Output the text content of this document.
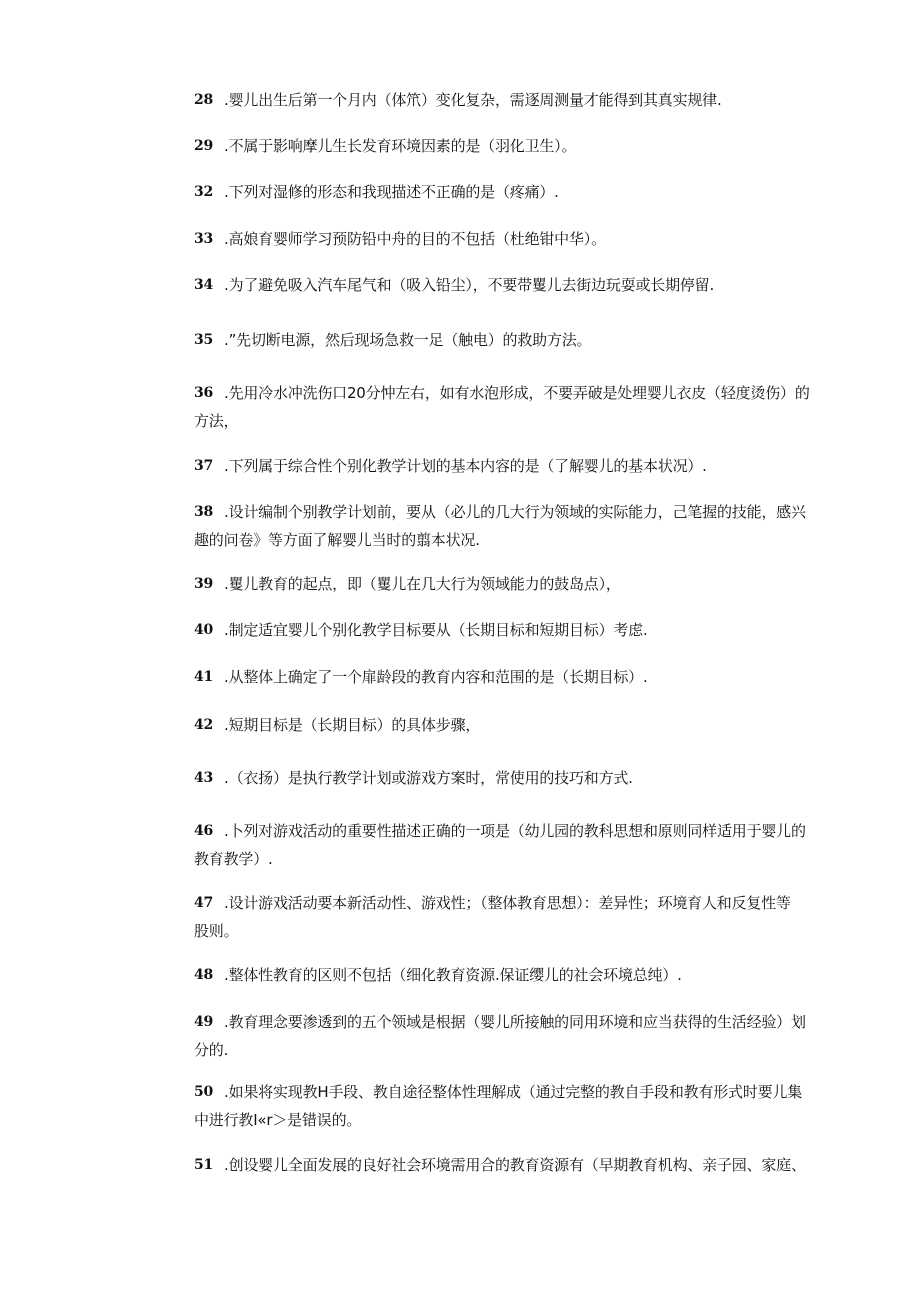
28 .婴儿出生后第一个月内（体笊）变化复杂，需逐周测量才能得到其真实规律.
29 .不属于影响摩儿生长发育环境因素的是（羽化卫生）。
32 .下列对湿修的形态和我现描述不正确的是（疼痛）.
33 .高娘育婴师学习预防铅中舟的目的不包括（杜绝钳中华）。
34 .为了避免吸入汽车尾气和（吸入铅尘），不要带矍儿去街边玩耍或长期停留.
35 .”先切断电源，然后现场急救一足（触电）的救助方法。
36 .先用冷水冲洗伤口20分忡左右，如有水泡形成，不要弄破是处埋婴儿衣皮（轻度烫伤）的
方法，
37 .下列属于综合性个别化教学计划的基本内容的是（了解婴儿的基本状况）.
38 .设计编制个别教学计划前，要从（必儿的几大行为领域的实际能力，己笔握的技能，感兴
趣的问卷》等方面了解婴儿当时的翦本状况.
39 .矍儿教育的起点，即（矍儿在几大行为领域能力的鼓岛点），
40 .制定适宜婴儿个别化教学目标要从（长期目标和短期目标）考虑.
41 .从整体上确定了一个扉龄段的教育内容和范围的是（长期目标）.
42 .短期目标是（长期目标）的具体步骤，
43 .（衣扬）是执行教学计划或游戏方案时，常使用的技巧和方式.
46 .卜列对游戏活动的重要性描述正确的一项是（幼儿园的教科思想和原则同样适用于婴儿的
教育教学）.
47 .设计游戏活动要本新活动性、游戏性；（整体教育思想）：差异性；环境育人和反复性等
股则。
48 .整体性教育的区则不包括（细化教育资源.保证缨儿的社会环境总纯）.
49 .教育理念要渗透到的五个领域是根据（婴儿所接触的同用环境和应当获得的生活经验）划
分的.
50 .如果将实现教H手段、教自途径整体性理解成（通过完整的教自手段和教有形式时要儿集
中进行教I«r＞是错误的。
51 .创设婴儿全面发展的良好社会环境需用合的教育资源有（早期教育机构、亲子园、家庭、
